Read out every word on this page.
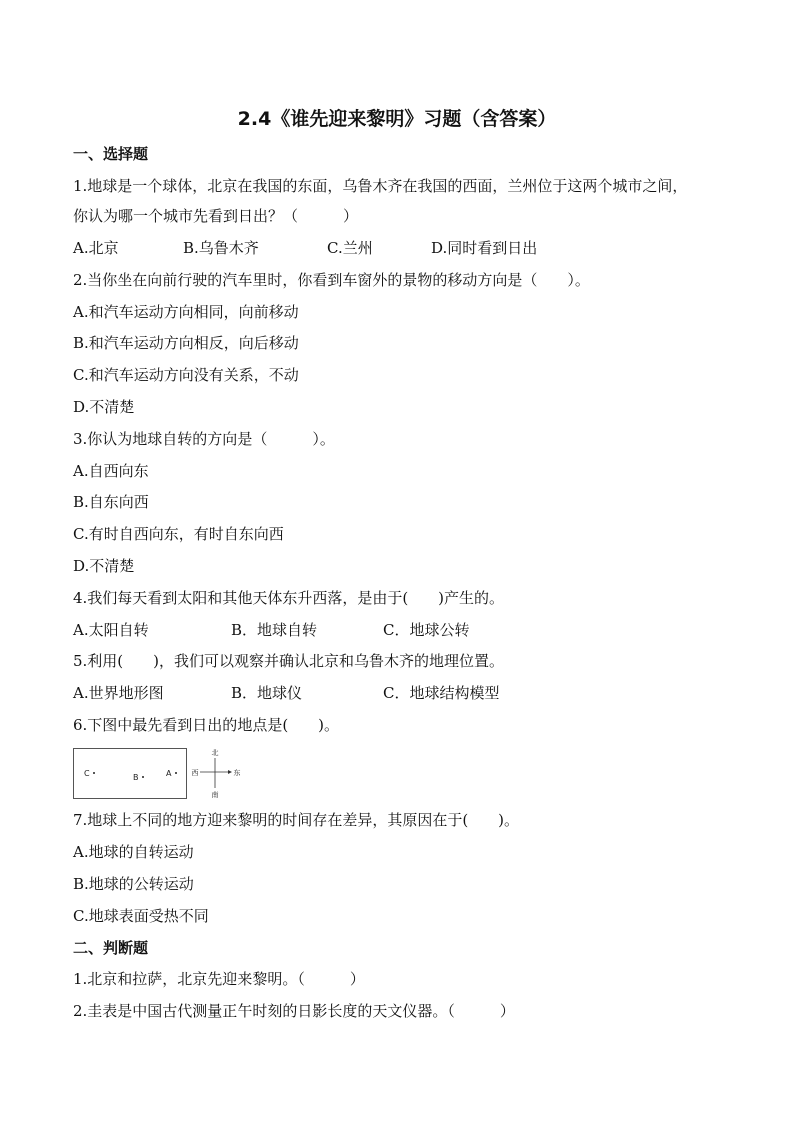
2.4《谁先迎来黎明》习题（含答案）
一、选择题
1.地球是一个球体，北京在我国的东面，乌鲁木齐在我国的西面，兰州位于这两个城市之间，
你认为哪一个城市先看到日出？（　　　）
A.北京	B.乌鲁木齐	C.兰州	D.同时看到日出
2.当你坐在向前行驶的汽车里时，你看到车窗外的景物的移动方向是（　　）。
A.和汽车运动方向相同，向前移动
B.和汽车运动方向相反，向后移动
C.和汽车运动方向没有关系，不动
D.不清楚
3.你认为地球自转的方向是（　　　）。
A.自西向东
B.自东向西
C.有时自西向东，有时自东向西
D.不清楚
4.我们每天看到太阳和其他天体东升西落，是由于(　　)产生的。
A.太阳自转	B．地球自转	C．地球公转
5.利用(　　)，我们可以观察并确认北京和乌鲁木齐的地理位置。
A.世界地形图	B．地球仪	C．地球结构模型
6.下图中最先看到日出的地点是(　　)。
C	B	A
北
南
西	东
7.地球上不同的地方迎来黎明的时间存在差异，其原因在于(　　)。
A.地球的自转运动
B.地球的公转运动
C.地球表面受热不同
二、判断题
1.北京和拉萨，北京先迎来黎明。（　　　）
2.圭表是中国古代测量正午时刻的日影长度的天文仪器。（　　　）
